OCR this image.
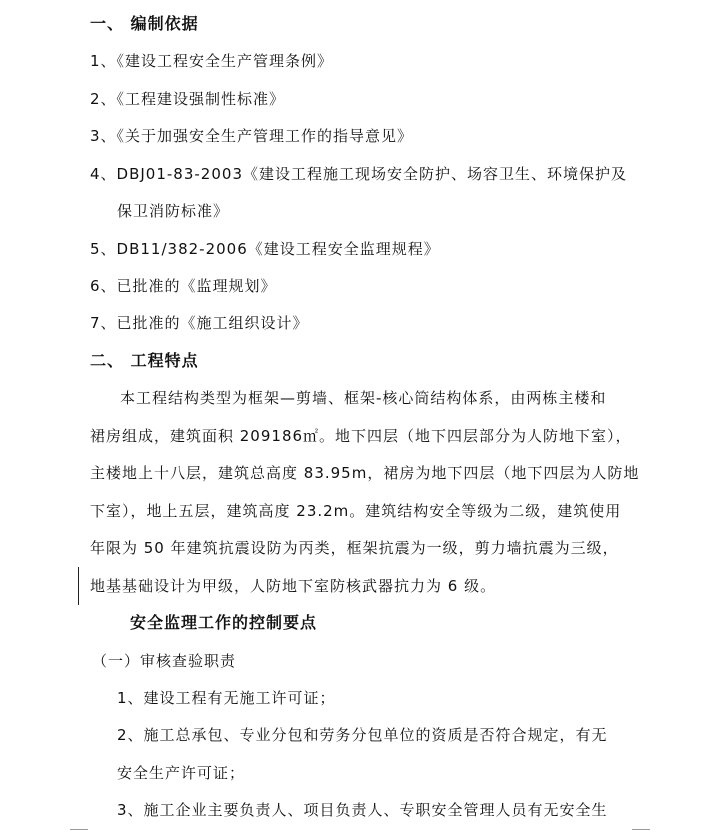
一、 编制依据
1、《建设工程安全生产管理条例》
2、《工程建设强制性标准》
3、《关于加强安全生产管理工作的指导意见》
4、DBJ01-83-2003《建设工程施工现场安全防护、场容卫生、环境保护及
保卫消防标准》
5、DB11/382-2006《建设工程安全监理规程》
6、已批准的《监理规划》
7、已批准的《施工组织设计》
二、 工程特点
本工程结构类型为框架—剪墙、框架-核心筒结构体系，由两栋主楼和
裙房组成，建筑面积 209186㎡。地下四层（地下四层部分为人防地下室），
主楼地上十八层，建筑总高度 83.95m，裙房为地下四层（地下四层为人防地
下室），地上五层，建筑高度 23.2m。建筑结构安全等级为二级，建筑使用
年限为 50 年建筑抗震设防为丙类，框架抗震为一级，剪力墙抗震为三级，
地基基础设计为甲级，人防地下室防核武器抗力为 6 级。
安全监理工作的控制要点
（一）审核查验职责
1、建设工程有无施工许可证；
2、施工总承包、专业分包和劳务分包单位的资质是否符合规定，有无
安全生产许可证；
3、施工企业主要负责人、项目负责人、专职安全管理人员有无安全生
